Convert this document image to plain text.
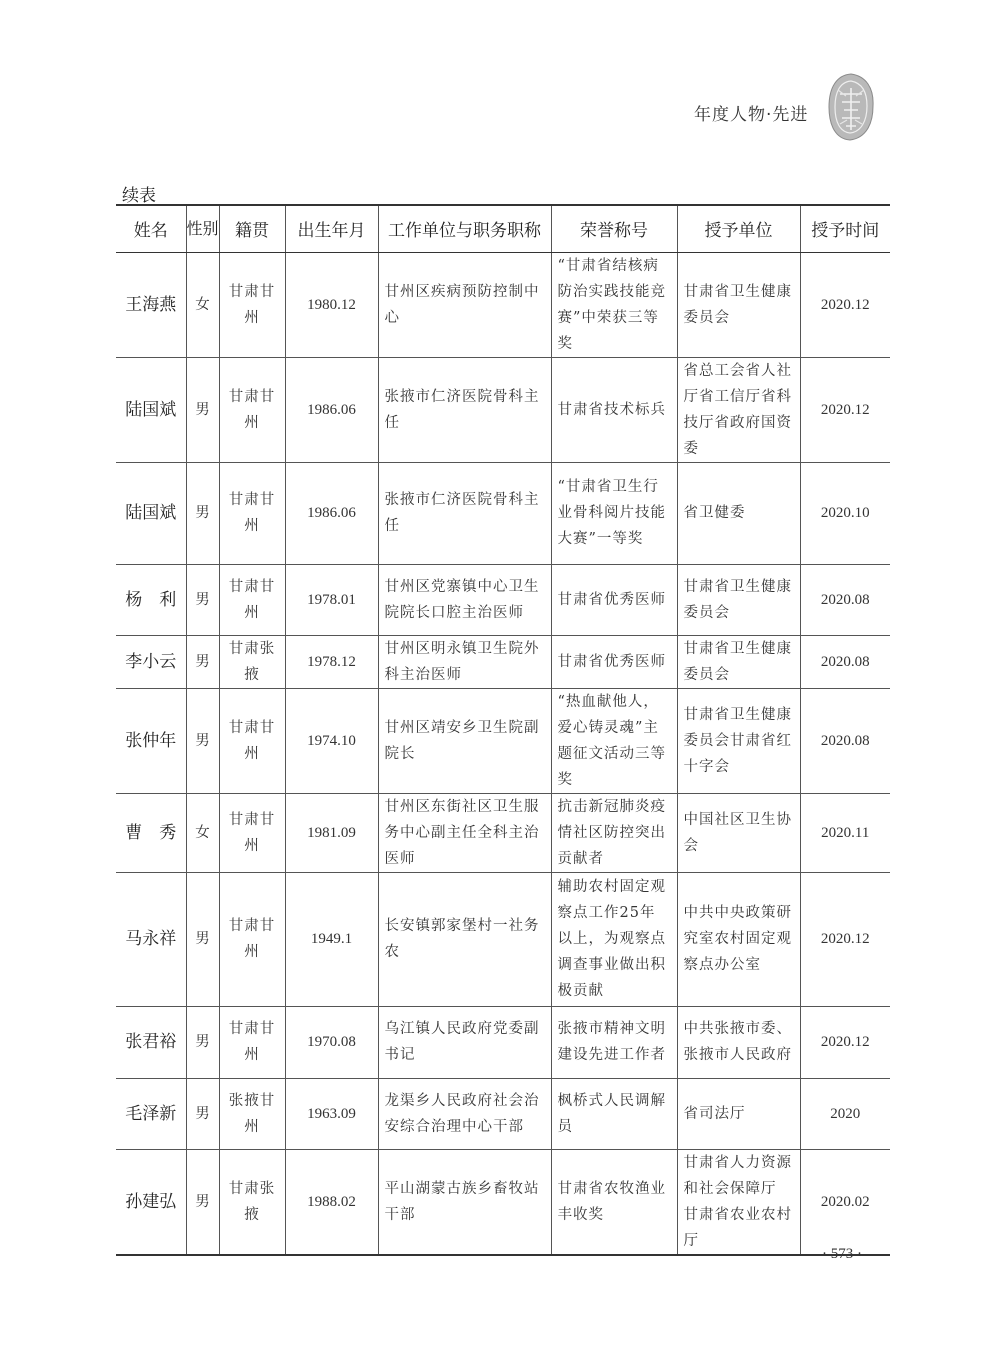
年度人物·先进
续表
姓名	性别	籍贯	出生年月	工作单位与职务职称	荣誉称号	授予单位	授予时间
王海燕	女	甘肃甘州	1980.12	甘州区疾病预防控制中心	“甘肃省结核病防治实践技能竞赛”中荣获三等奖	甘肃省卫生健康委员会	2020.12
陆国斌	男	甘肃甘州	1986.06	张掖市仁济医院骨科主任	甘肃省技术标兵	省总工会省人社厅省工信厅省科技厅省政府国资委	2020.12
陆国斌	男	甘肃甘州	1986.06	张掖市仁济医院骨科主任	“甘肃省卫生行业骨科阅片技能大赛”一等奖	省卫健委	2020.10
杨　利	男	甘肃甘州	1978.01	甘州区党寨镇中心卫生院院长口腔主治医师	甘肃省优秀医师	甘肃省卫生健康委员会	2020.08
李小云	男	甘肃张掖	1978.12	甘州区明永镇卫生院外科主治医师	甘肃省优秀医师	甘肃省卫生健康委员会	2020.08
张仲年	男	甘肃甘州	1974.10	甘州区靖安乡卫生院副院长	“热血献他人，爱心铸灵魂”主题征文活动三等奖	甘肃省卫生健康委员会甘肃省红十字会	2020.08
曹　秀	女	甘肃甘州	1981.09	甘州区东街社区卫生服务中心副主任全科主治医师	抗击新冠肺炎疫情社区防控突出贡献者	中国社区卫生协会	2020.11
马永祥	男	甘肃甘州	1949.1	长安镇郭家堡村一社务农	辅助农村固定观察点工作25年以上，为观察点调查事业做出积极贡献	中共中央政策研究室农村固定观察点办公室	2020.12
张君裕	男	甘肃甘州	1970.08	乌江镇人民政府党委副书记	张掖市精神文明建设先进工作者	中共张掖市委、张掖市人民政府	2020.12
毛泽新	男	张掖甘州	1963.09	龙渠乡人民政府社会治安综合治理中心干部	枫桥式人民调解员	省司法厅	2020
孙建弘	男	甘肃张掖	1988.02	平山湖蒙古族乡畜牧站干部	甘肃省农牧渔业丰收奖	甘肃省人力资源和社会保障厅　甘肃省农业农村厅	2020.02
· 573 ·
